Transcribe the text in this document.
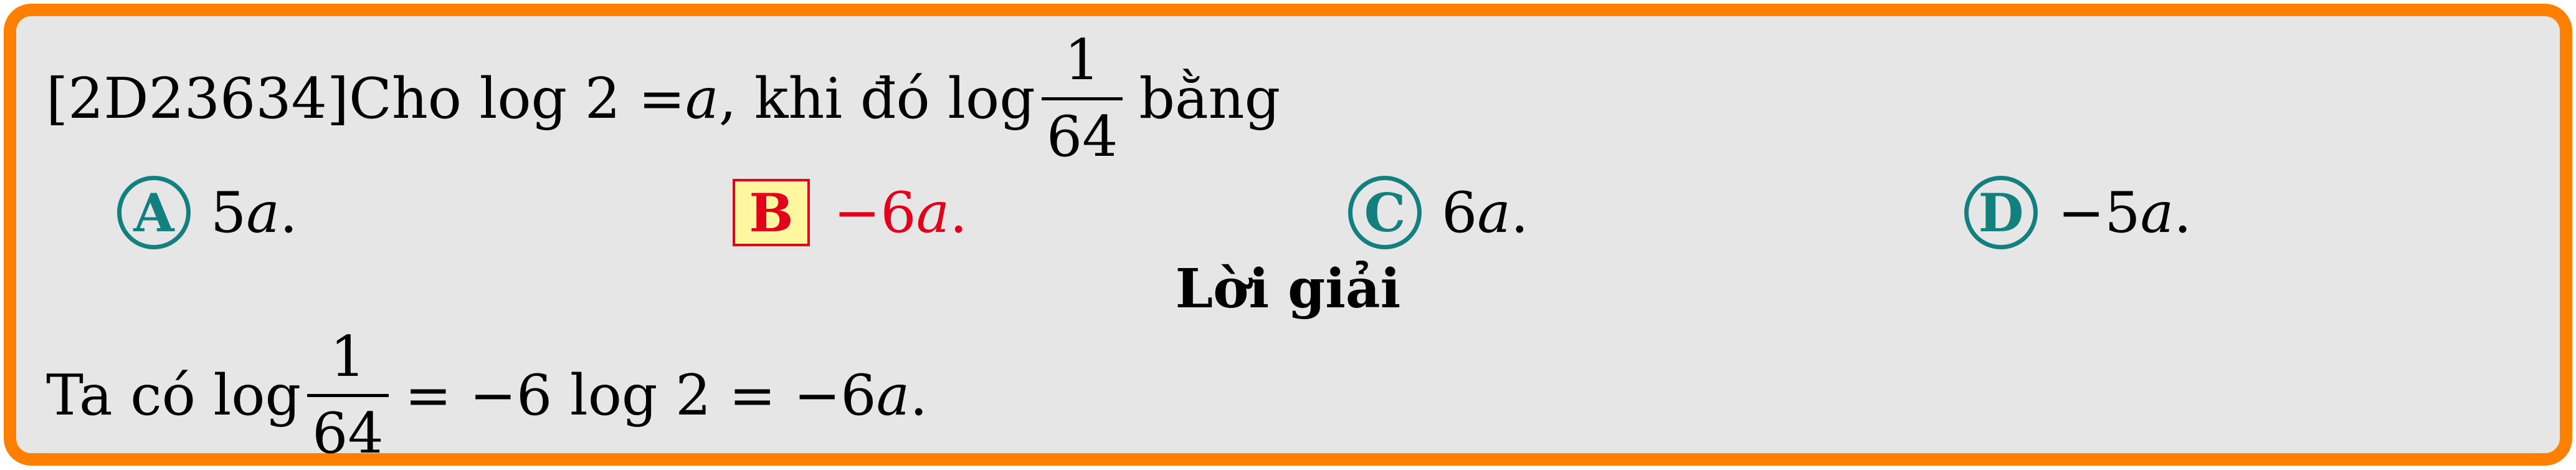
[2D23634] Cho log 2 = a , khi đó log
1
64
bằng
A 5 a .	B −6 a .	C 6 a .	D −5 a .
Lời giải
Ta có log
1
64
= −6 log 2 = −6 a .
